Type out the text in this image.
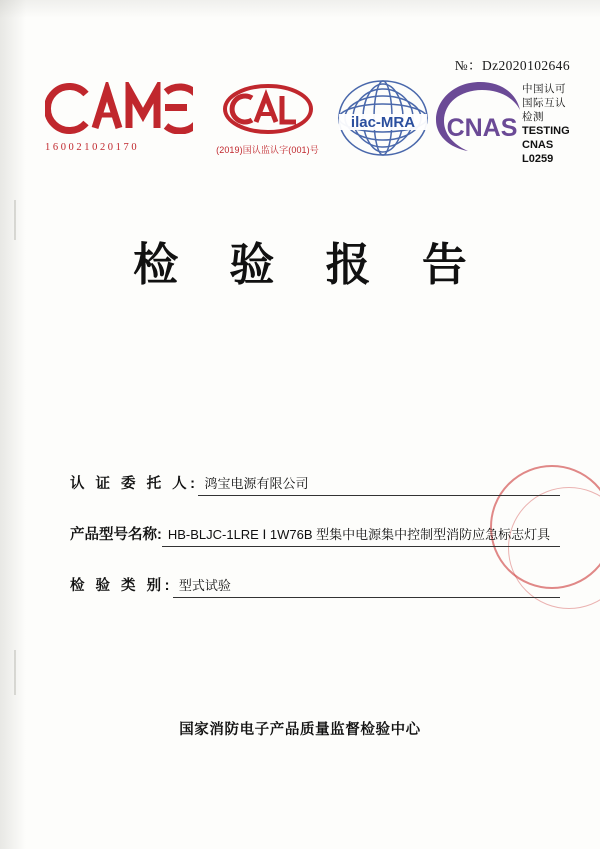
№：Dz2020102646
160021020170	(2019)国认监认字(001)号
ilac-MRA CNAS
中国认可
国际互认
检测
TESTING
CNAS L0259
检 验 报 告
认 证 委 托 人: 鸿宝电源有限公司
产品型号名称: HB-BLJC-1LRE Ⅰ 1W76B 型集中电源集中控制型消防应急标志灯具
检 验 类 别: 型式试验
国家消防电子产品质量监督检验中心
